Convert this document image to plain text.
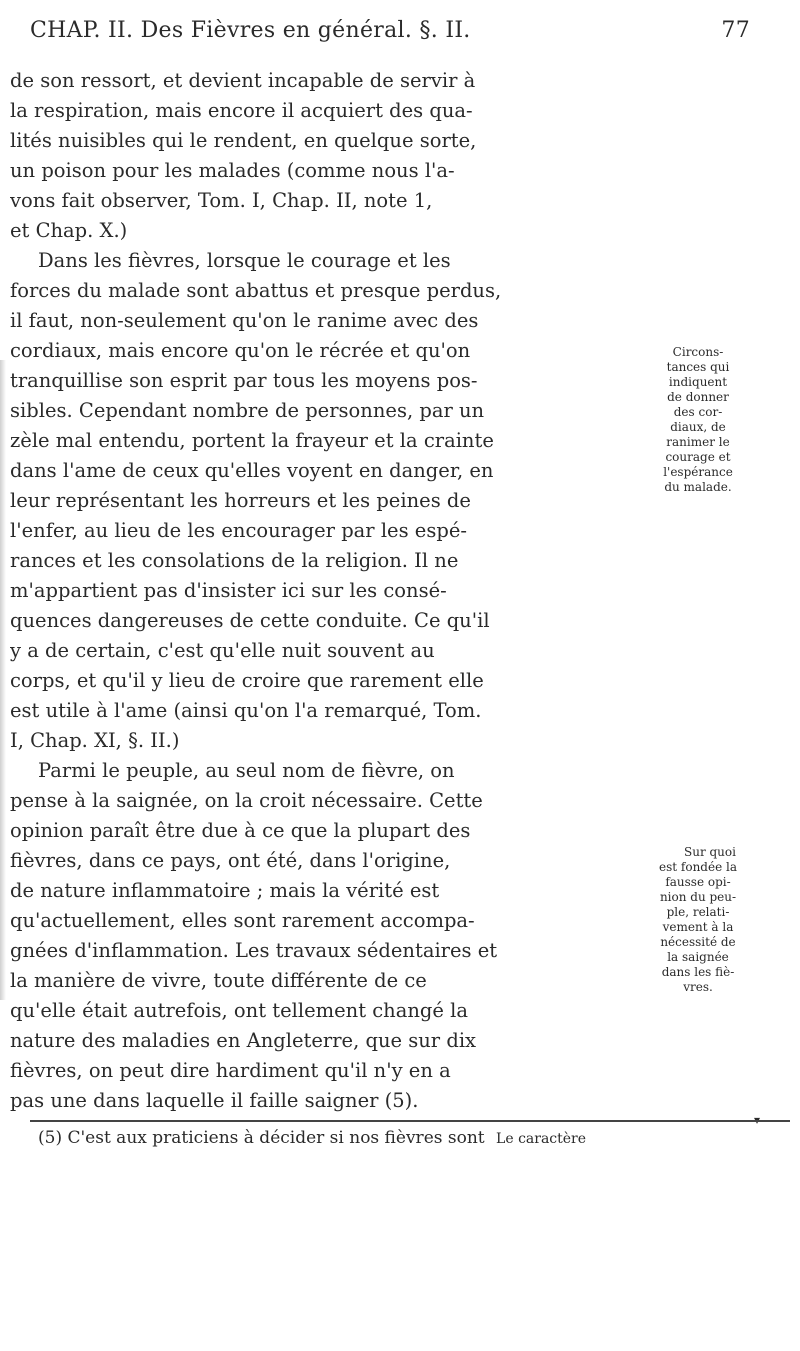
CHAP. II. Des Fièvres en général. §. II.	77
de son ressort, et devient incapable de servir à
la respiration, mais encore il acquiert des qua-
lités nuisibles qui le rendent, en quelque sorte,
un poison pour les malades (comme nous l'a-
vons fait observer, Tom. I, Chap. II, note 1,
et Chap. X.)
Dans les fièvres, lorsque le courage et les
forces du malade sont abattus et presque perdus,
il faut, non-seulement qu'on le ranime avec des
cordiaux, mais encore qu'on le récrée et qu'on
tranquillise son esprit par tous les moyens pos-
sibles. Cependant nombre de personnes, par un
zèle mal entendu, portent la frayeur et la crainte
dans l'ame de ceux qu'elles voyent en danger, en
leur représentant les horreurs et les peines de
l'enfer, au lieu de les encourager par les espé-
rances et les consolations de la religion. Il ne
m'appartient pas d'insister ici sur les consé-
quences dangereuses de cette conduite. Ce qu'il
y a de certain, c'est qu'elle nuit souvent au
corps, et qu'il y lieu de croire que rarement elle
est utile à l'ame (ainsi qu'on l'a remarqué, Tom.
I, Chap. XI, §. II.)
Parmi le peuple, au seul nom de fièvre, on
pense à la saignée, on la croit nécessaire. Cette
opinion paraît être due à ce que la plupart des
fièvres, dans ce pays, ont été, dans l'origine,
de nature inflammatoire ; mais la vérité est
qu'actuellement, elles sont rarement accompa-
gnées d'inflammation. Les travaux sédentaires et
la manière de vivre, toute différente de ce
qu'elle était autrefois, ont tellement changé la
nature des maladies en Angleterre, que sur dix
fièvres, on peut dire hardiment qu'il n'y en a
pas une dans laquelle il faille saigner (5).
Circons-
tances qui
indiquent
de donner
des cor-
diaux, de
ranimer le
courage et
l'espérance
du malade.
Sur quoi
est fondée la
fausse opi-
nion du peu-
ple, relati-
vement à la
nécessité de
la saignée
dans les fiè-
vres.
(5) C'est aux praticiens à décider si nos fièvres sont Le caractère
